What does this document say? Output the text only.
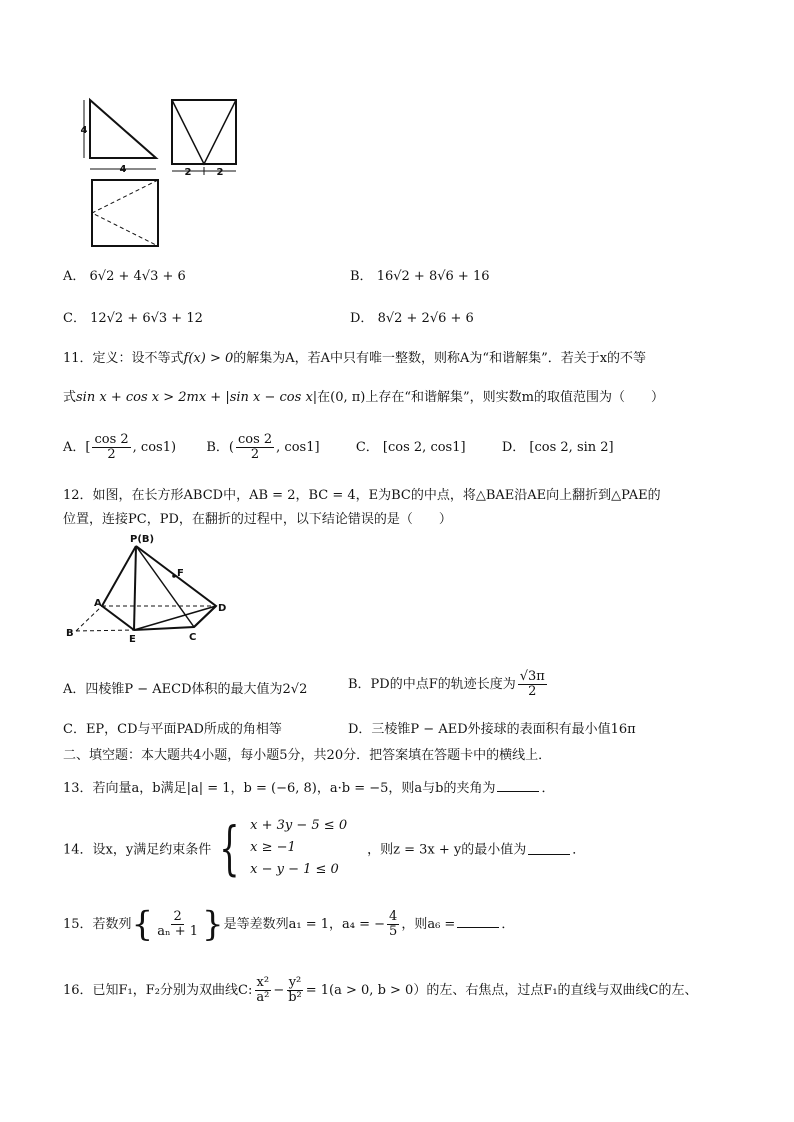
4
4	2	2
A． 6√2 + 4√3 + 6	B． 16√2 + 8√6 + 16
C． 12√2 + 6√3 + 12	D． 8√2 + 2√6 + 6
11．定义：设不等式f(x) > 0的解集为A，若A中只有唯一整数，则称A为“和谐解集”．若关于x的不等
式sin x + cos x > 2mx + |sin x − cos x|在(0, π)上存在“和谐解集”，则实数m的取值范围为（　　）
A．[ $\frac{\cos 2}{2}$ , cos1) B．( $\frac{\cos 2}{2}$ , cos1]	C． [cos 2, cos1]	D． [cos 2, sin 2]
12．如图，在长方形ABCD中，AB = 2，BC = 4，E为BC的中点，将△BAE沿AE向上翻折到△PAE的
位置，连接PC，PD，在翻折的过程中，以下结论错误的是（　　）
P(B)
F
A	D
B
E	C
A．四棱锥P − AECD体积的最大值为2√2	B．PD的中点F的轨迹长度为 $\frac{√3\pi}{2}$
C．EP，CD与平面PAD所成的角相等	D．三棱锥P − AED外接球的表面积有最小值16π
二、填空题：本大题共4小题，每小题5分，共20分．把答案填在答题卡中的横线上．
13．若向量a，b满足|a| = 1，b = (−6, 8)，a·b = −5，则a与b的夹角为	．
14．设x，y满足约束条件 { x + 3y − 5 ≤ 0
x ≥ −1
x − y − 1 ≤ 0
，则z = 3x + y的最小值为	．
15．若数列{ $\frac{2}{\text{aₙ + 1}}$ }是等差数列a₁ = 1，a₄ = − $\frac{4}{5}$ ，则a₆ =	．
16．已知F₁，F₂分别为双曲线C: $\frac{\text{x²}}{\text{a²}} - \frac{\text{y²}}{\text{b²}} = 1(a > 0$, b > 0）的左、右焦点，过点F₁的直线与双曲线C的左、
